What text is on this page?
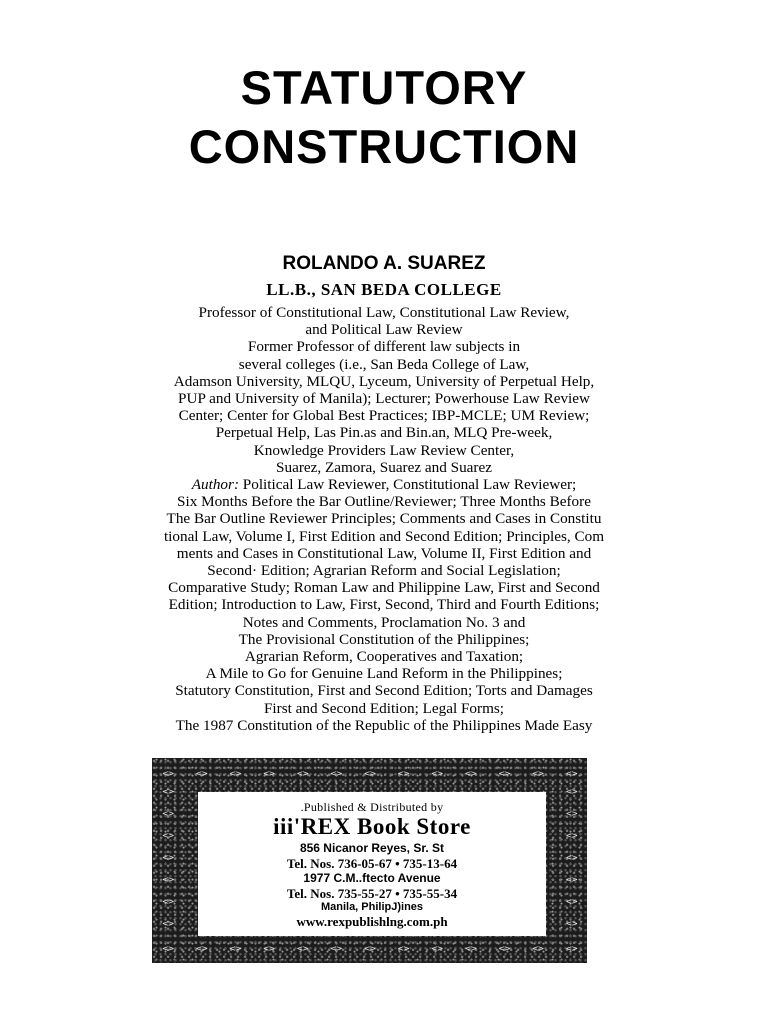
STATUTORY
CONSTRUCTION
ROLANDO A. SUAREZ
LL.B., SAN BEDA COLLEGE
Professor of Constitutional Law, Constitutional Law Review,
and Political Law Review
Former Professor of different law subjects in
several colleges (i.e., San Beda College of Law,
Adamson University, MLQU, Lyceum, University of Perpetual Help,
PUP and University of Manila); Lecturer; Powerhouse Law Review
Center; Center for Global Best Practices; IBP-MCLE; UM Review;
Perpetual Help, Las Pin.as and Bin.an, MLQ Pre-week,
Knowledge Providers Law Review Center,
Suarez, Zamora, Suarez and Suarez
Author: Political Law Reviewer, Constitutional Law Reviewer;
Six Months Before the Bar Outline/Reviewer; Three Months Before
The Bar Outline Reviewer Principles; Comments and Cases in Constitu
tional Law, Volume I, First Edition and Second Edition; Principles, Com
ments and Cases in Constitutional Law, Volume II, First Edition and
Second· Edition; Agrarian Reform and Social Legislation;
Comparative Study; Roman Law and Philippine Law, First and Second
Edition; Introduction to Law, First, Second, Third and Fourth Editions;
Notes and Comments, Proclamation No. 3 and
The Provisional Constitution of the Philippines;
Agrarian Reform, Cooperatives and Taxation;
A Mile to Go for Genuine Land Reform in the Philippines;
Statutory Constitution, First and Second Edition; Torts and Damages
First and Second Edition; Legal Forms;
The 1987 Constitution of the Republic of the Philippines Made Easy
<>	<>	<>	<>	<>	<>	<>	<>	<>	<>	<>	<>	<>
<>
<>
<>
<>
<>
<>
<>
<>
<>
<>
<>
<>
<>
<>
<>	<>	<>	<>	<>	<>	<>	<>	<>	<>	<>	<>	<>
.Published & Distributed by
iii'REX Book Store
856 Nicanor Reyes, Sr. St
Tel. Nos. 736-05-67 • 735-13-64
1977 C.M..ftecto Avenue
Tel. Nos. 735-55-27 • 735-55-34
Manila, PhilipJ)ines
www.rexpublishlng.com.ph
